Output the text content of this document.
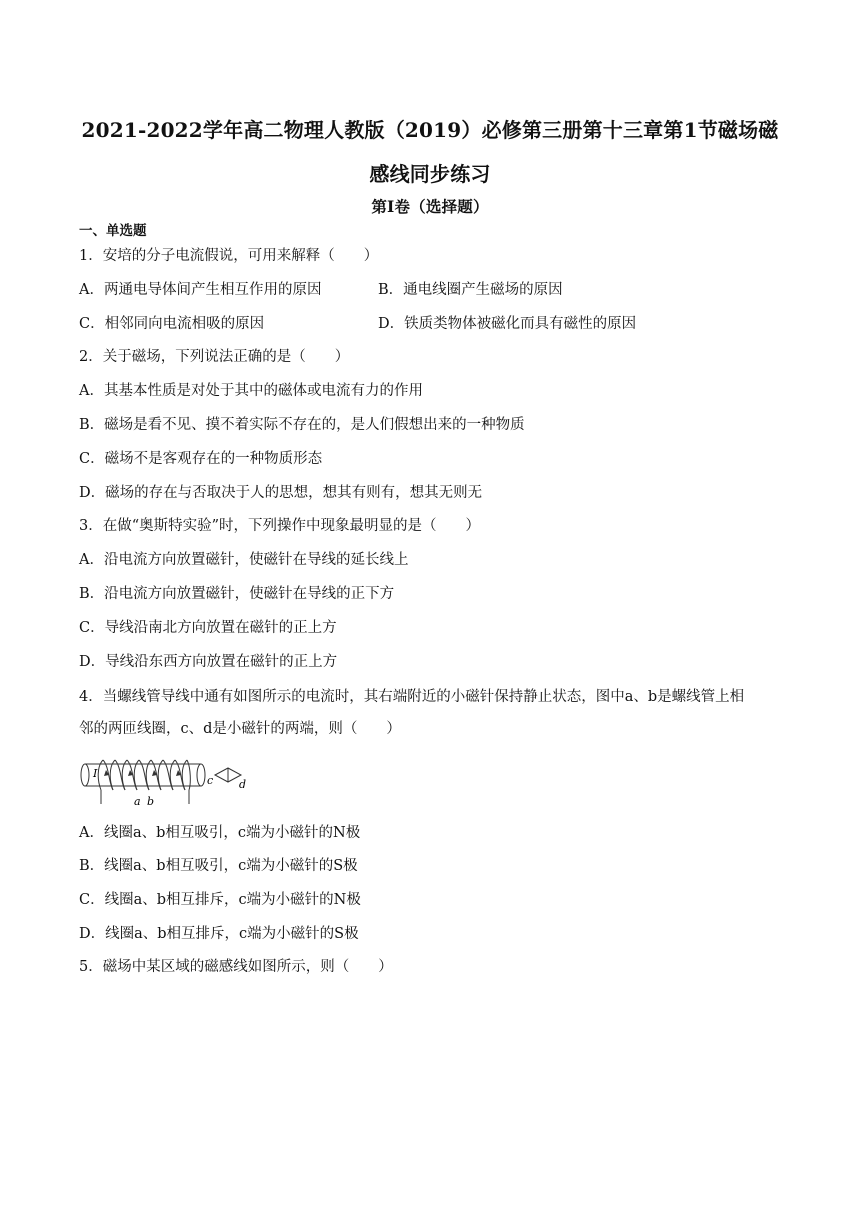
2021-2022学年高二物理人教版（2019）必修第三册第十三章第1节磁场磁
感线同步练习
第Ⅰ卷（选择题）
一、单选题
1．安培的分子电流假说，可用来解释（　　）
A．两通电导体间产生相互作用的原因	B．通电线圈产生磁场的原因
C．相邻同向电流相吸的原因	D．铁质类物体被磁化而具有磁性的原因
2．关于磁场，下列说法正确的是（　　）
A．其基本性质是对处于其中的磁体或电流有力的作用
B．磁场是看不见、摸不着实际不存在的，是人们假想出来的一种物质
C．磁场不是客观存在的一种物质形态
D．磁场的存在与否取决于人的思想，想其有则有，想其无则无
3．在做“奥斯特实验”时，下列操作中现象最明显的是（　　）
A．沿电流方向放置磁针，使磁针在导线的延长线上
B．沿电流方向放置磁针，使磁针在导线的正下方
C．导线沿南北方向放置在磁针的正上方
D．导线沿东西方向放置在磁针的正上方
4．当螺线管导线中通有如图所示的电流时，其右端附近的小磁针保持静止状态，图中a、b是螺线管上相
邻的两匝线圈，c、d是小磁针的两端，则（　　）
I
a b
c d
A．线圈a、b相互吸引，c端为小磁针的N极
B．线圈a、b相互吸引，c端为小磁针的S极
C．线圈a、b相互排斥，c端为小磁针的N极
D．线圈a、b相互排斥，c端为小磁针的S极
5．磁场中某区域的磁感线如图所示，则（　　）
